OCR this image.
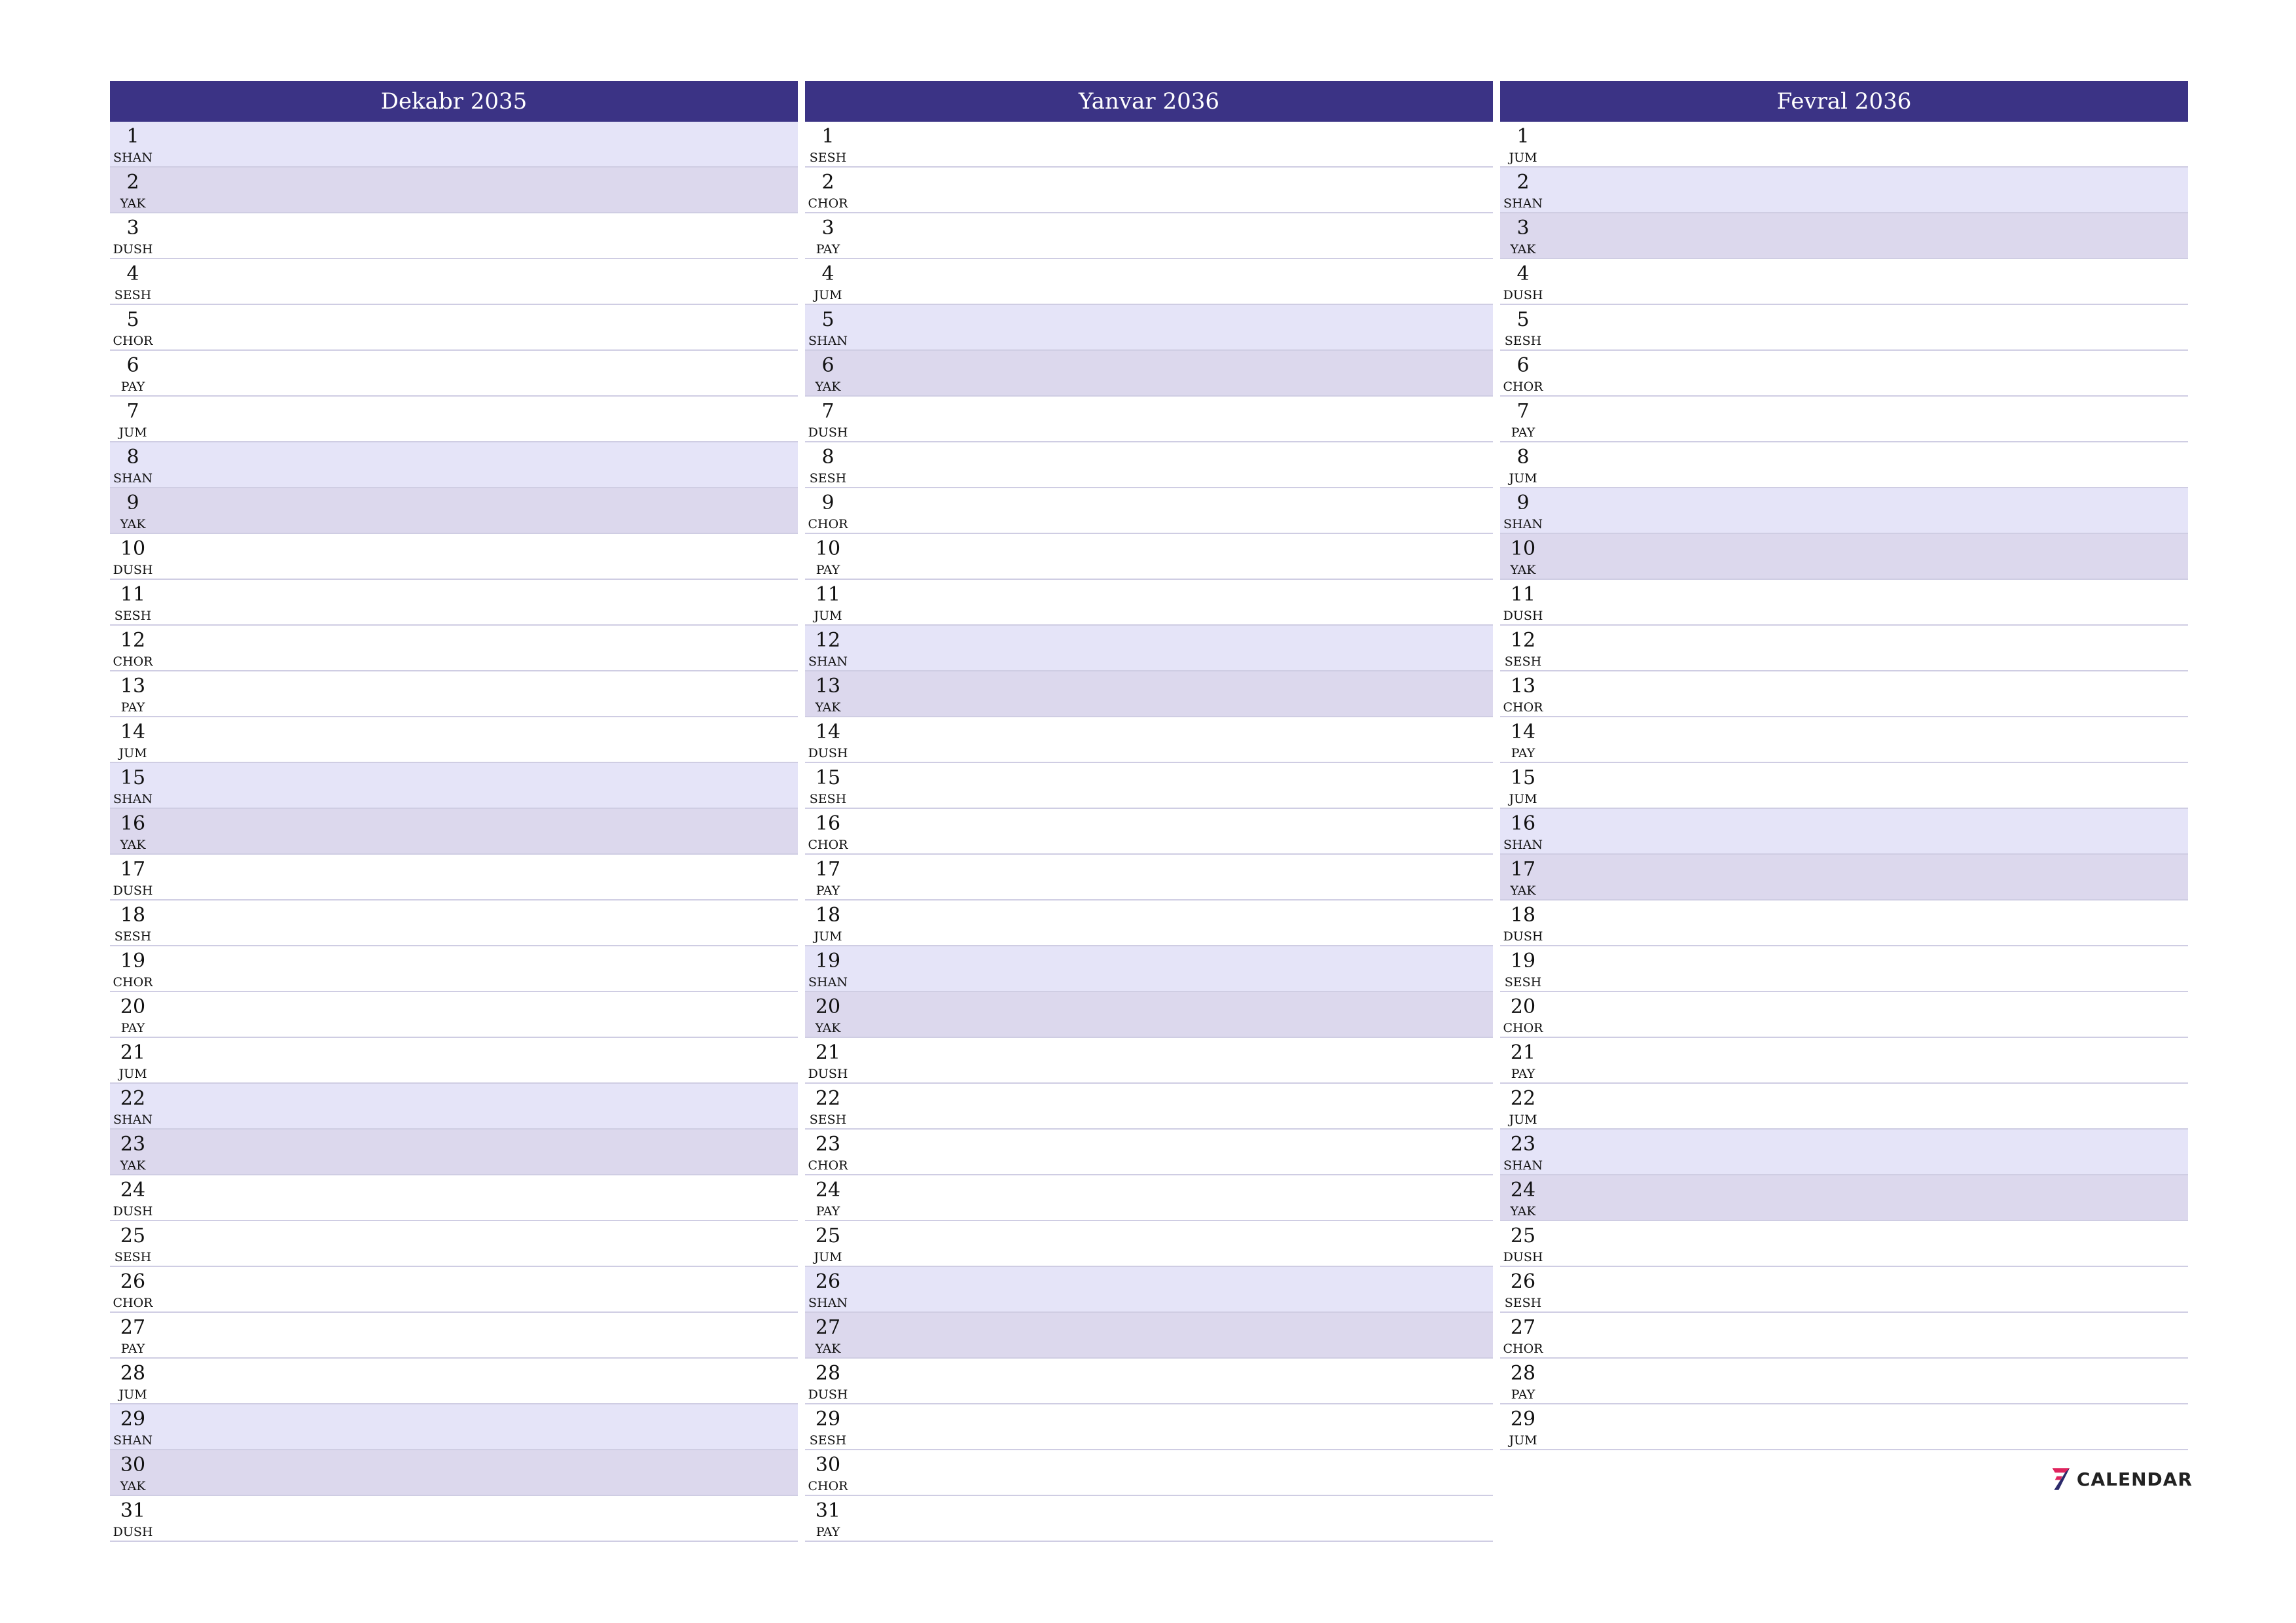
Dekabr 2035
1
SHAN
2
YAK
3
DUSH
4
SESH
5
CHOR
6
PAY
7
JUM
8
SHAN
9
YAK
10
DUSH
11
SESH
12
CHOR
13
PAY
14
JUM
15
SHAN
16
YAK
17
DUSH
18
SESH
19
CHOR
20
PAY
21
JUM
22
SHAN
23
YAK
24
DUSH
25
SESH
26
CHOR
27
PAY
28
JUM
29
SHAN
30
YAK
31
DUSH
Yanvar 2036
1
SESH
2
CHOR
3
PAY
4
JUM
5
SHAN
6
YAK
7
DUSH
8
SESH
9
CHOR
10
PAY
11
JUM
12
SHAN
13
YAK
14
DUSH
15
SESH
16
CHOR
17
PAY
18
JUM
19
SHAN
20
YAK
21
DUSH
22
SESH
23
CHOR
24
PAY
25
JUM
26
SHAN
27
YAK
28
DUSH
29
SESH
30
CHOR
31
PAY
Fevral 2036
1
JUM
2
SHAN
3
YAK
4
DUSH
5
SESH
6
CHOR
7
PAY
8
JUM
9
SHAN
10
YAK
11
DUSH
12
SESH
13
CHOR
14
PAY
15
JUM
16
SHAN
17
YAK
18
DUSH
19
SESH
20
CHOR
21
PAY
22
JUM
23
SHAN
24
YAK
25
DUSH
26
SESH
27
CHOR
28
PAY
29
JUM
CALENDAR
